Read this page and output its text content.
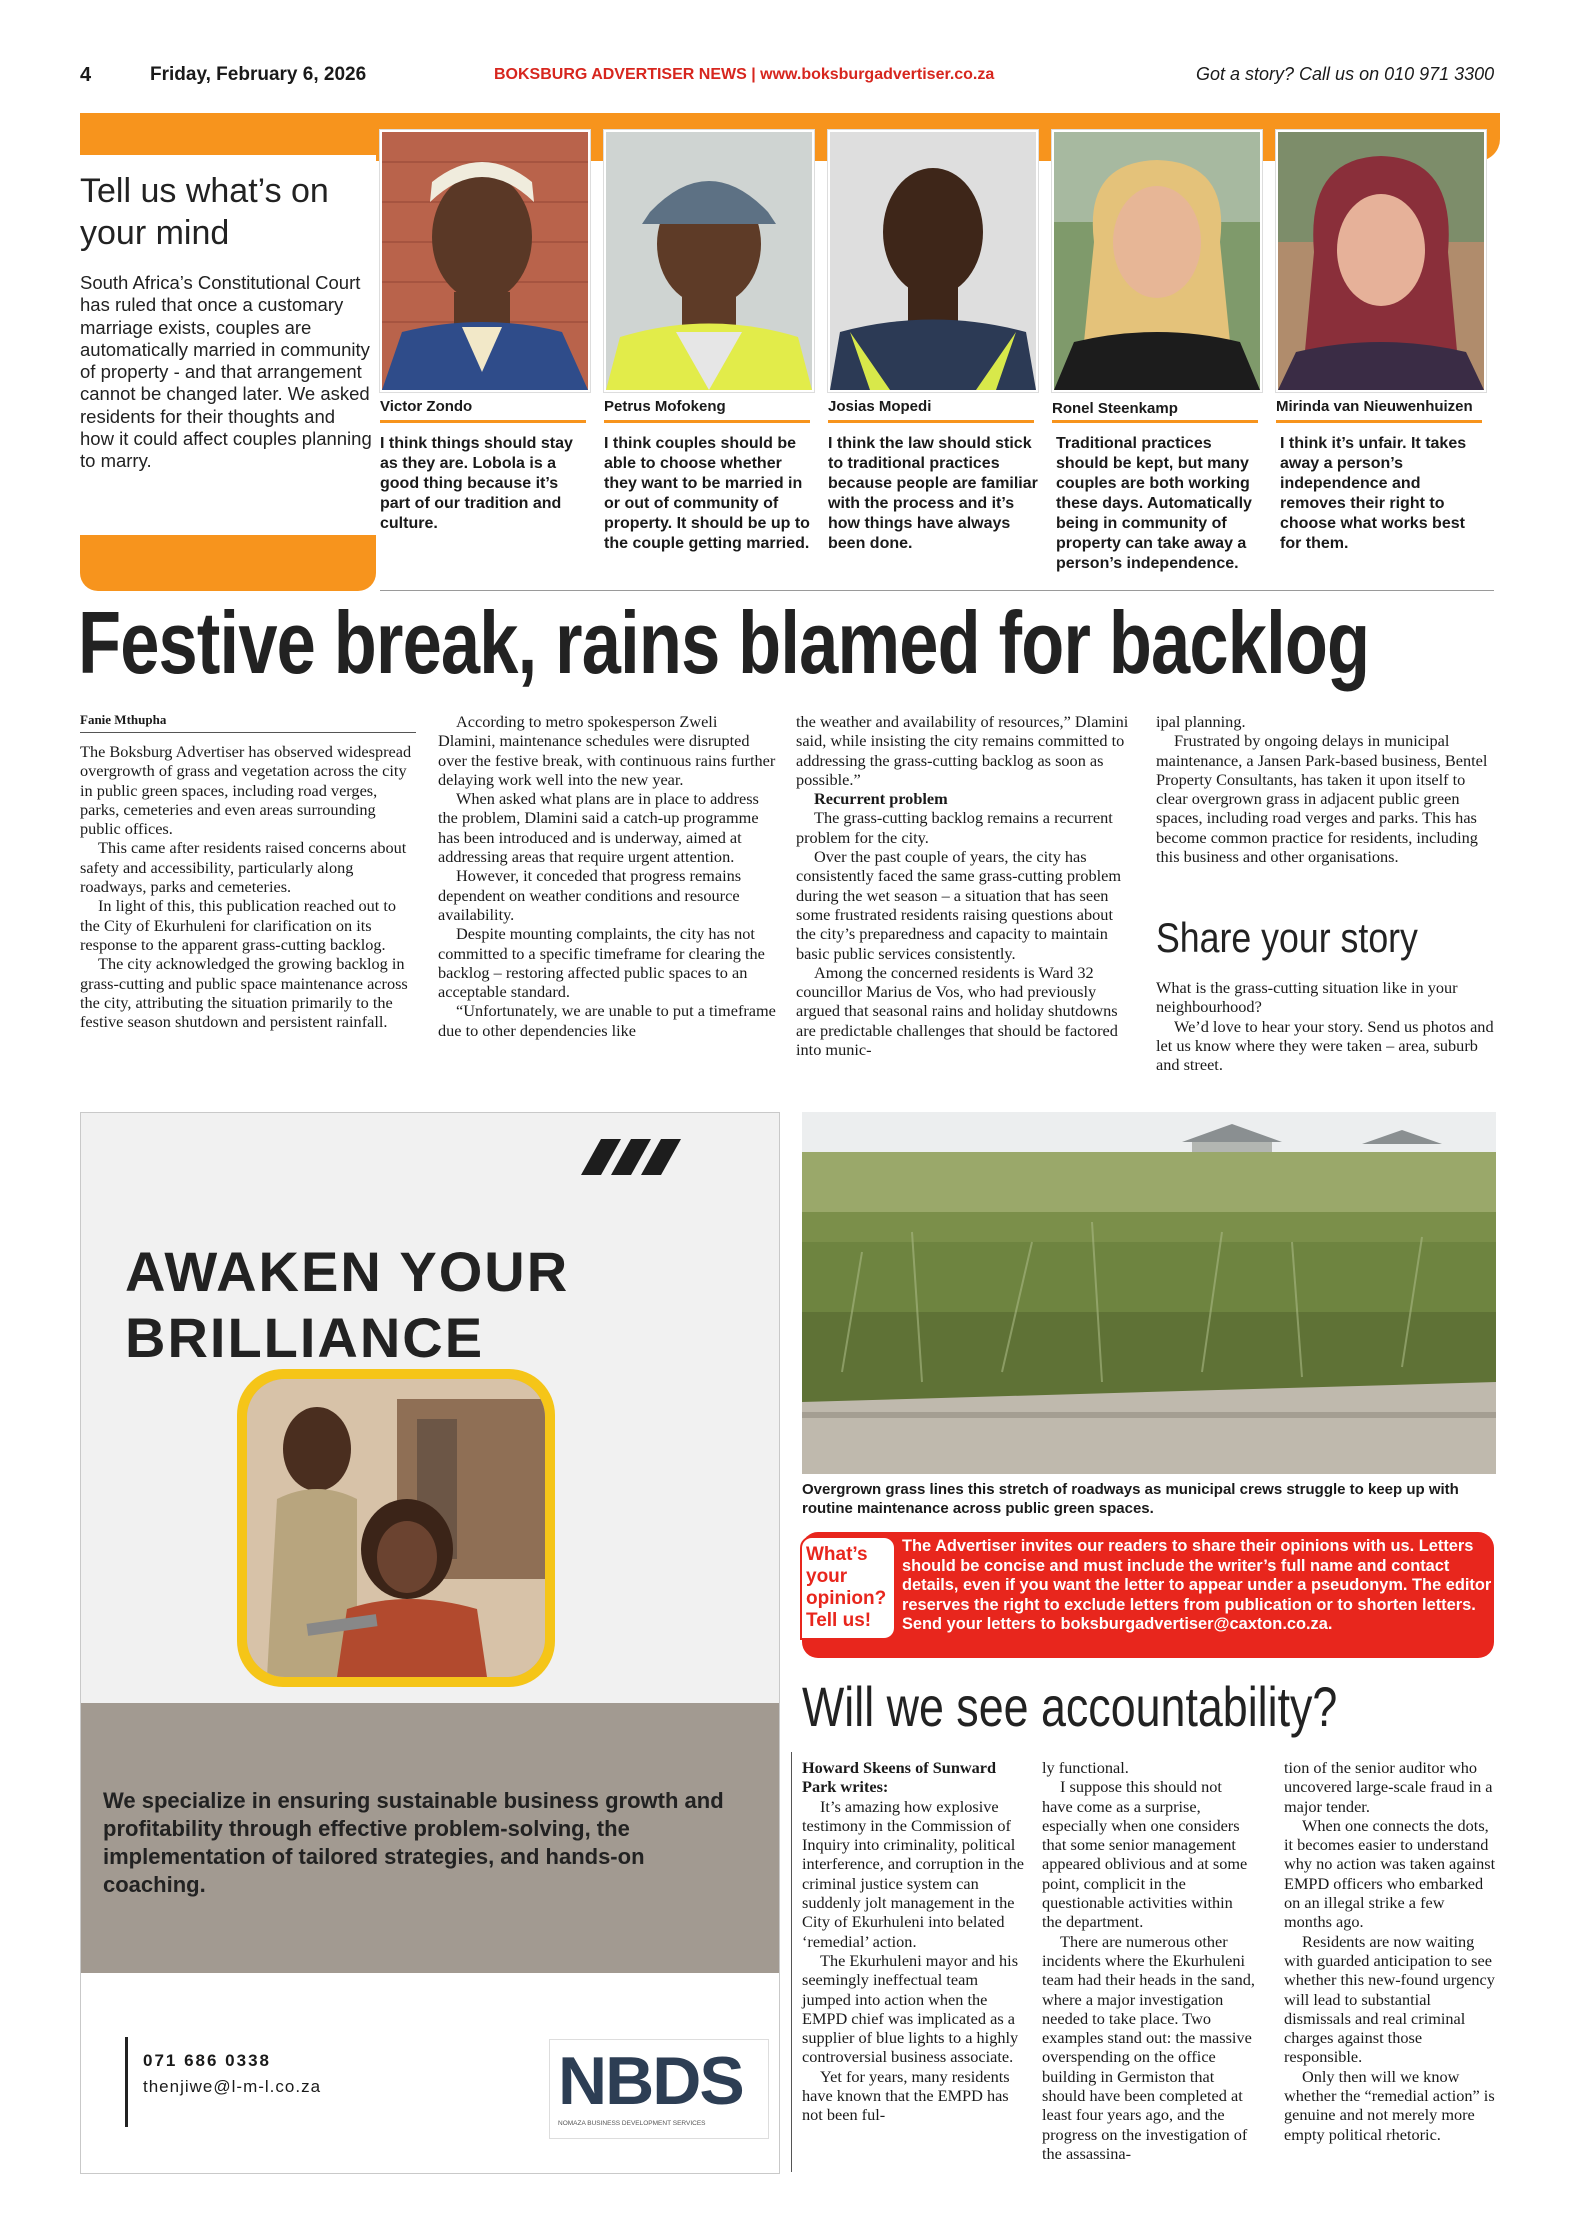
4	Friday, February 6, 2026	BOKSBURG ADVERTISER NEWS | www.boksburgadvertiser.co.za	Got a story? Call us on 010 971 3300
Tell us what’s on your mind
South Africa’s Constitutional Court has ruled that once a customary marriage exists, couples are automatically married in community of property - and that arrangement cannot be changed later. We asked residents for their thoughts and how it could affect couples planning to marry.
Victor Zondo	Petrus Mofokeng	Josias Mopedi	Ronel Steenkamp	Mirinda van Nieuwenhuizen
I think things should stay as they are. Lobola is a good thing because it’s part of our tradition and culture.
I think couples should be able to choose whether they want to be married in or out of community of property. It should be up to the couple getting married.
I think the law should stick to traditional practices because people are familiar with the process and it’s how things have always been done.
Traditional practices should be kept, but many couples are both working these days. Automatically being in community of property can take away a person’s independence.
I think it’s unfair. It takes away a person’s independence and removes their right to choose what works best for them.
Festive break, rains blamed for backlog
Fanie Mthupha

The Boksburg Advertiser has observed widespread overgrowth of grass and vegetation across the city in public green spaces, including road verges, parks, cemeteries and even areas surrounding public offices.

This came after residents raised concerns about safety and accessibility, particularly along roadways, parks and cemeteries.

In light of this, this publication reached out to the City of Ekurhuleni for clarification on its response to the apparent grass-cutting backlog.

The city acknowledged the growing backlog in grass-cutting and public space maintenance across the city, attributing the situation primarily to the festive season shutdown and persistent rainfall.

According to metro spokesperson Zweli Dlamini, maintenance schedules were disrupted over the festive break, with continuous rains further delaying work well into the new year.

When asked what plans are in place to address the problem, Dlamini said a catch-up programme has been introduced and is underway, aimed at addressing areas that require urgent attention.

However, it conceded that progress remains dependent on weather conditions and resource availability.

Despite mounting complaints, the city has not committed to a specific timeframe for clearing the backlog – restoring affected public spaces to an acceptable standard.

“Unfortunately, we are unable to put a timeframe due to other dependencies like

the weather and availability of resources,” Dlamini said, while insisting the city remains committed to addressing the grass-cutting backlog as soon as possible.”

Recurrent problem

The grass-cutting backlog remains a recurrent problem for the city.

Over the past couple of years, the city has consistently faced the same grass-cutting problem during the wet season – a situation that has seen some frustrated residents raising questions about the city’s preparedness and capacity to maintain basic public services consistently.

Among the concerned residents is Ward 32 councillor Marius de Vos, who had previously argued that seasonal rains and holiday shutdowns are predictable challenges that should be factored into munic-

ipal planning.

Frustrated by ongoing delays in municipal maintenance, a Jansen Park-based business, Bentel Property Consultants, has taken it upon itself to clear overgrown grass in adjacent public green spaces, including road verges and parks. This has become common practice for residents, including this business and other organisations.

Share your story

What is the grass-cutting situation like in your neighbourhood?

We’d love to hear your story. Send us photos and let us know where they were taken – area, suburb and street.

AWAKEN YOUR BRILLIANCE
We specialize in ensuring sustainable business growth and profitability through effective problem-solving, the implementation of tailored strategies, and hands-on coaching.
071 686 0338
thenjiwe@l-m-l.co.za	NBDS
NOMAZA BUSINESS DEVELOPMENT SERVICES
Overgrown grass lines this stretch of roadways as municipal crews struggle to keep up with routine maintenance across public green spaces.
What’s your opinion? Tell us!
The Advertiser invites our readers to share their opinions with us. Letters should be concise and must include the writer’s full name and contact details, even if you want the letter to appear under a pseudonym. The editor reserves the right to exclude letters from publication or to shorten letters. Send your letters to boksburgadvertiser@caxton.co.za.
Will we see accountability?

Howard Skeens of Sunward Park writes:

It’s amazing how explosive testimony in the Commission of Inquiry into criminality, political interference, and corruption in the criminal justice system can suddenly jolt management in the City of Ekurhuleni into belated ‘remedial’ action.

The Ekurhuleni mayor and his seemingly ineffectual team jumped into action when the EMPD chief was implicated as a supplier of blue lights to a highly controversial business associate.

Yet for years, many residents have known that the EMPD has not been ful-

ly functional.

I suppose this should not have come as a surprise, especially when one considers that some senior management appeared oblivious and at some point, complicit in the questionable activities within the department.

There are numerous other incidents where the Ekurhuleni team had their heads in the sand, where a major investigation needed to take place. Two examples stand out: the massive overspending on the office building in Germiston that should have been completed at least four years ago, and the progress on the investigation of the assassina-

tion of the senior auditor who uncovered large-scale fraud in a major tender.

When one connects the dots, it becomes easier to understand why no action was taken against EMPD officers who embarked on an illegal strike a few months ago.

Residents are now waiting with guarded anticipation to see whether this new-found urgency will lead to substantial dismissals and real criminal charges against those responsible.

Only then will we know whether the “remedial action” is genuine and not merely more empty political rhetoric.
